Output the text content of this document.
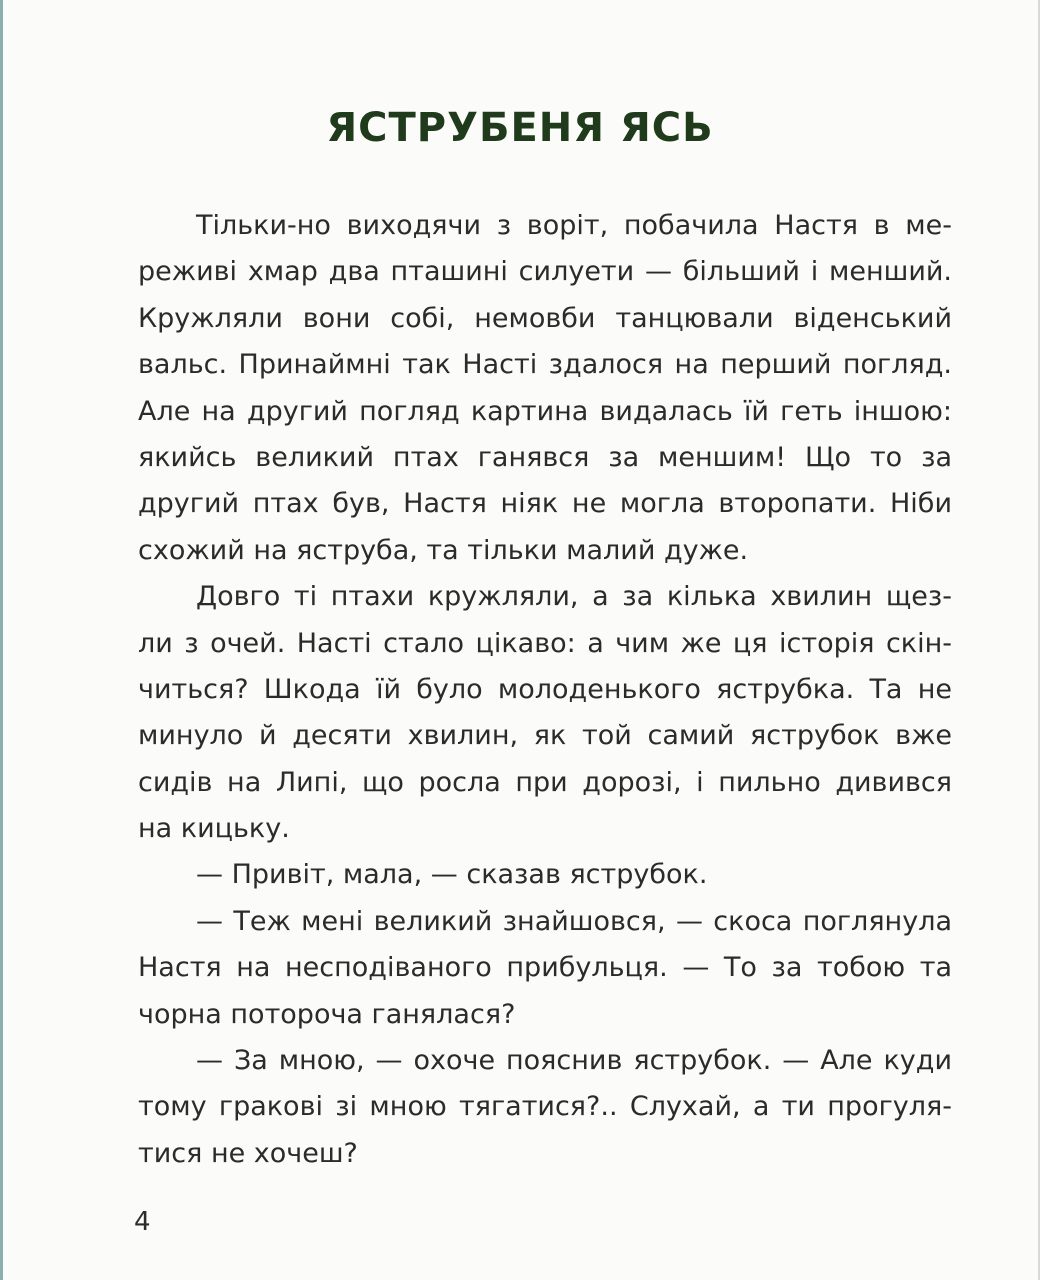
ЯСТРУБЕНЯ ЯСЬ
Тільки-но виходячи з воріт, побачила Настя в ме-
реживі хмар два пташині силуети — більший і менший.
Кружляли вони собі, немовби танцювали віденський
вальс. Принаймні так Насті здалося на перший погляд.
Але на другий погляд картина видалась їй геть іншою:
якийсь великий птах ганявся за меншим! Що то за
другий птах був, Настя ніяк не могла второпати. Ніби
схожий на яструба, та тільки малий дуже.
Довго ті птахи кружляли, а за кілька хвилин щез-
ли з очей. Насті стало цікаво: а чим же ця історія скін-
читься? Шкода їй було молоденького яструбка. Та не
минуло й десяти хвилин, як той самий яструбок вже
сидів на Липі, що росла при дорозі, і пильно дивився
на кицьку.
— Привіт, мала, — сказав яструбок.
— Теж мені великий знайшовся, — скоса поглянула
Настя на несподіваного прибульця. — То за тобою та
чорна поторочa ганялася?
— За мною, — охоче пояснив яструбок. — Але куди
тому гракові зі мною тягатися?.. Слухай, а ти прогуля-
тися не хочеш?
4
